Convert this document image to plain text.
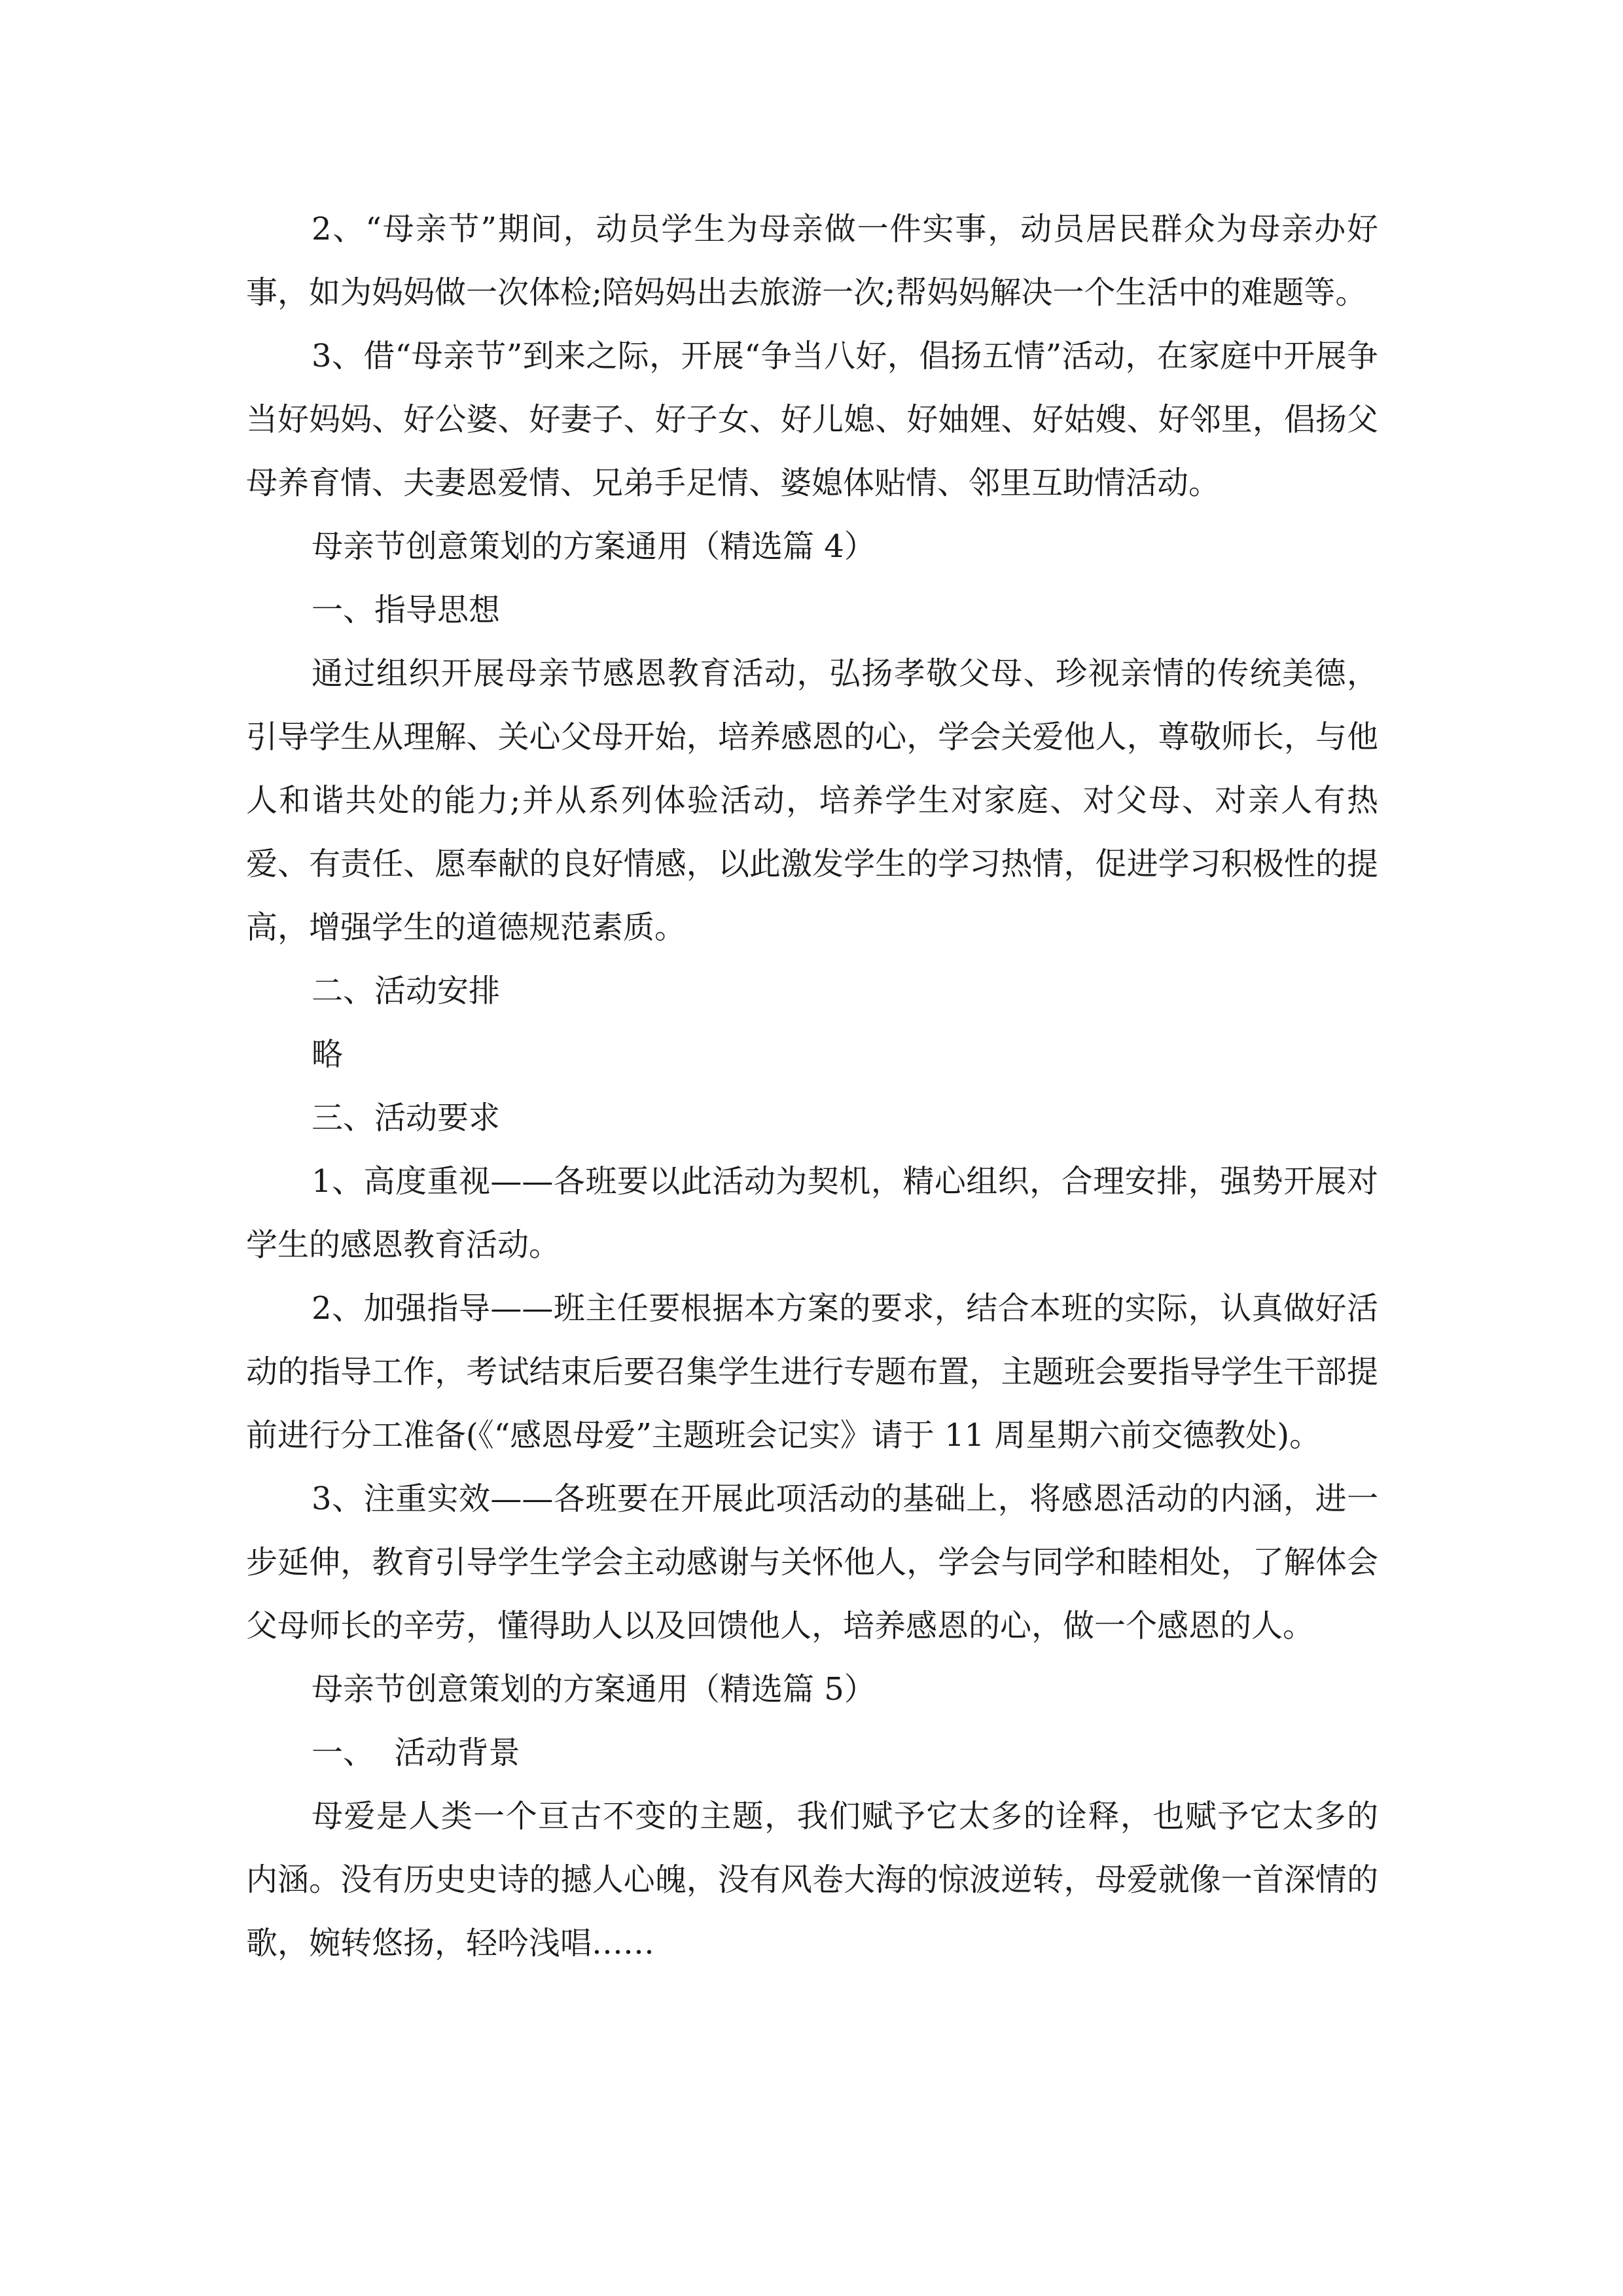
2、“母亲节”期间，动员学生为母亲做一件实事，动员居民群众为母亲办好事，如为妈妈做一次体检;陪妈妈出去旅游一次;帮妈妈解决一个生活中的难题等。

3、借“母亲节”到来之际，开展“争当八好，倡扬五情”活动，在家庭中开展争当好妈妈、好公婆、好妻子、好子女、好儿媳、好妯娌、好姑嫂、好邻里，倡扬父母养育情、夫妻恩爱情、兄弟手足情、婆媳体贴情、邻里互助情活动。

母亲节创意策划的方案通用（精选篇 4）

一、指导思想

通过组织开展母亲节感恩教育活动，弘扬孝敬父母、珍视亲情的传统美德，引导学生从理解、关心父母开始，培养感恩的心，学会关爱他人，尊敬师长，与他人和谐共处的能力;并从系列体验活动，培养学生对家庭、对父母、对亲人有热爱、有责任、愿奉献的良好情感，以此激发学生的学习热情，促进学习积极性的提高，增强学生的道德规范素质。

二、活动安排

略

三、活动要求

1、高度重视——各班要以此活动为契机，精心组织，合理安排，强势开展对学生的感恩教育活动。

2、加强指导——班主任要根据本方案的要求，结合本班的实际，认真做好活动的指导工作，考试结束后要召集学生进行专题布置，主题班会要指导学生干部提前进行分工准备(《“感恩母爱”主题班会记实》请于 11 周星期六前交德教处)。

3、注重实效——各班要在开展此项活动的基础上，将感恩活动的内涵，进一步延伸，教育引导学生学会主动感谢与关怀他人，学会与同学和睦相处，了解体会父母师长的辛劳，懂得助人以及回馈他人，培养感恩的心，做一个感恩的人。

母亲节创意策划的方案通用（精选篇 5）

一、  活动背景

母爱是人类一个亘古不变的主题，我们赋予它太多的诠释，也赋予它太多的内涵。没有历史史诗的撼人心魄，没有风卷大海的惊波逆转，母爱就像一首深情的歌，婉转悠扬，轻吟浅唱……
